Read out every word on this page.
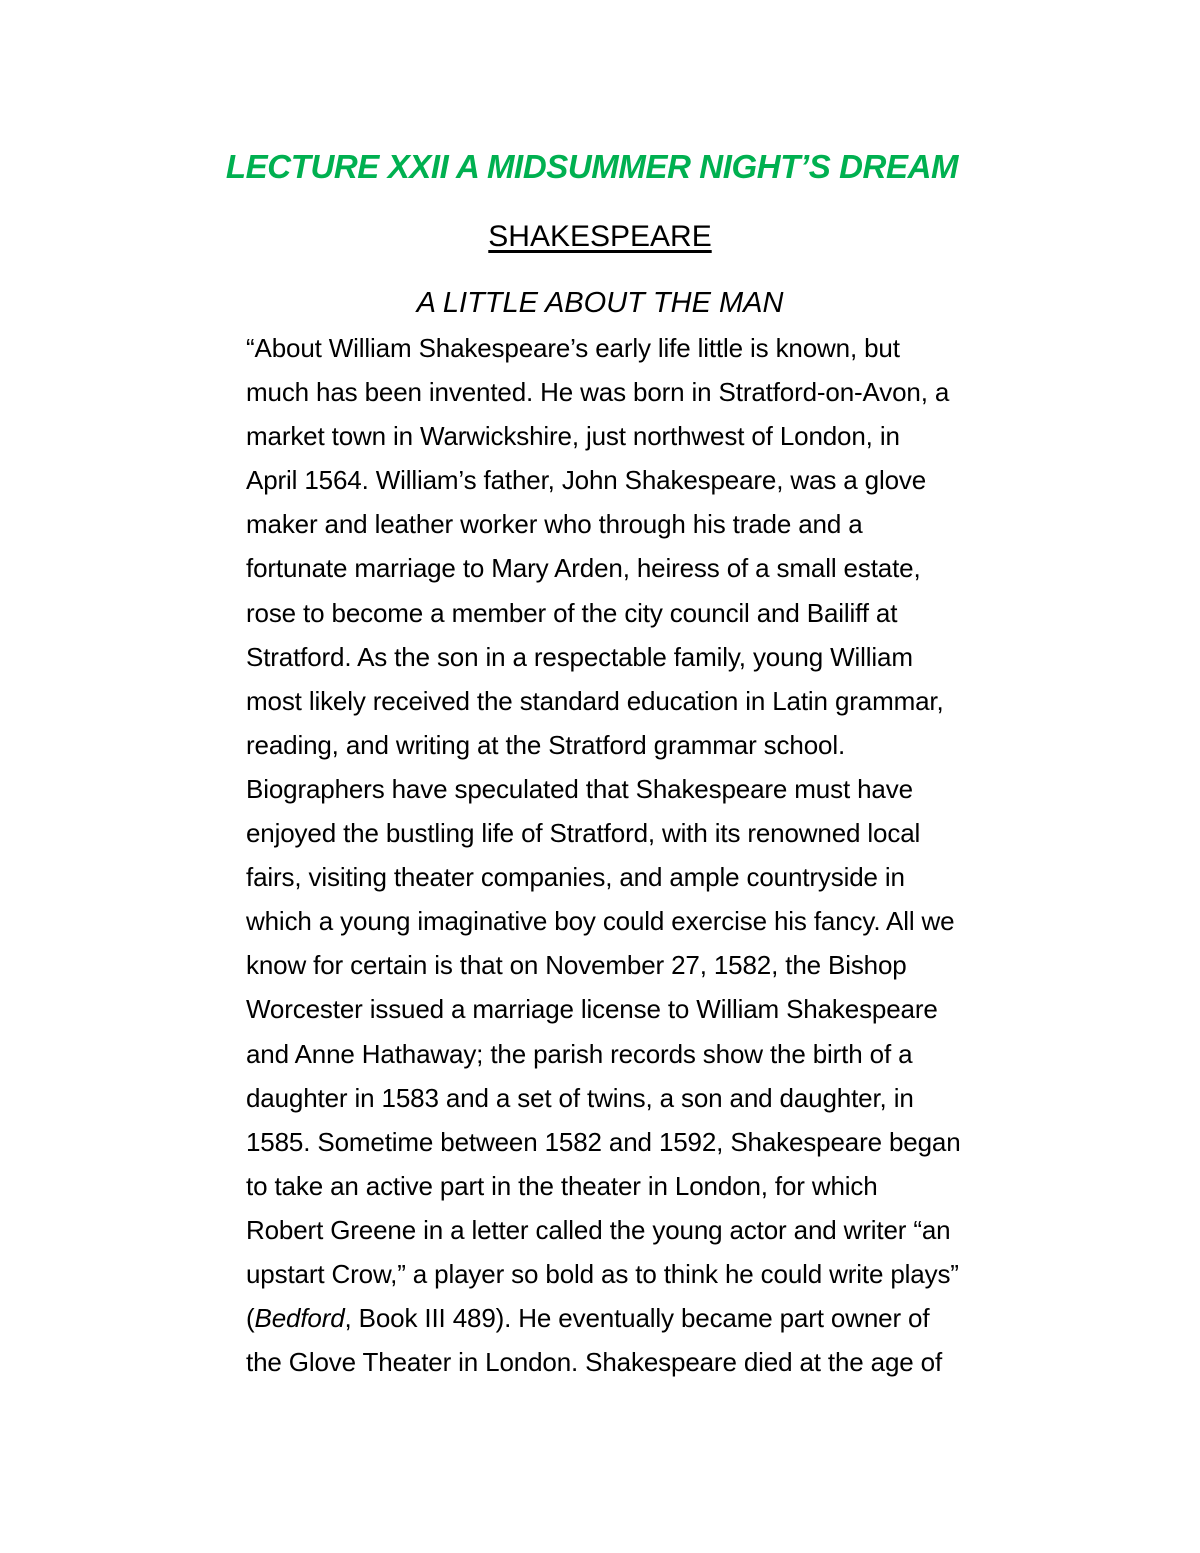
LECTURE XXII A MIDSUMMER NIGHT’S DREAM
SHAKESPEARE
A LITTLE ABOUT THE MAN
“About William Shakespeare’s early life little is known, but
much has been invented. He was born in Stratford-on-Avon, a
market town in Warwickshire, just northwest of London, in
April 1564. William’s father, John Shakespeare, was a glove
maker and leather worker who through his trade and a
fortunate marriage to Mary Arden, heiress of a small estate,
rose to become a member of the city council and Bailiff at
Stratford. As the son in a respectable family, young William
most likely received the standard education in Latin grammar,
reading, and writing at the Stratford grammar school.
Biographers have speculated that Shakespeare must have
enjoyed the bustling life of Stratford, with its renowned local
fairs, visiting theater companies, and ample countryside in
which a young imaginative boy could exercise his fancy. All we
know for certain is that on November 27, 1582, the Bishop
Worcester issued a marriage license to William Shakespeare
and Anne Hathaway; the parish records show the birth of a
daughter in 1583 and a set of twins, a son and daughter, in
1585. Sometime between 1582 and 1592, Shakespeare began
to take an active part in the theater in London, for which
Robert Greene in a letter called the young actor and writer “an
upstart Crow,” a player so bold as to think he could write plays”
(Bedford, Book III 489). He eventually became part owner of
the Glove Theater in London. Shakespeare died at the age of
